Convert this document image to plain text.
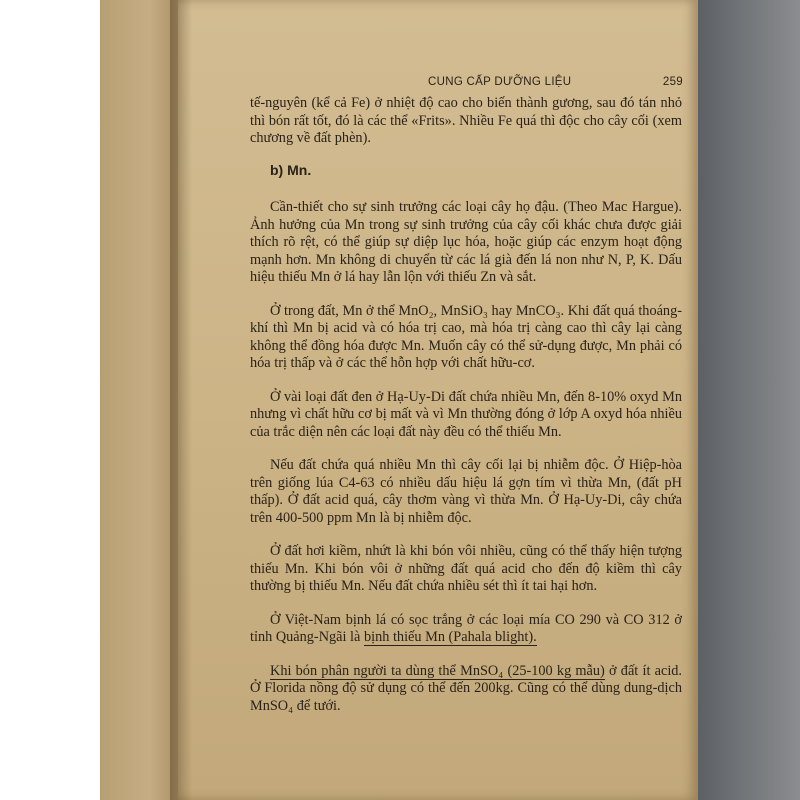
CUNG CẤP DƯỠNG LIỆU	259

tế-nguyên (kể cả Fe) ở nhiệt độ cao cho biến thành gương, sau đó tán nhỏ thì bón rất tốt, đó là các thể «Frits». Nhiều Fe quá thì độc cho cây cối (xem chương về đất phèn).

b) Mn.

Cần-thiết cho sự sinh trưởng các loại cây họ đậu. (Theo Mac Hargue). Ảnh hưởng của Mn trong sự sinh trưởng của cây cối khác chưa được giải thích rõ rệt, có thể giúp sự diệp lục hóa, hoặc giúp các enzym hoạt động mạnh hơn. Mn không di chuyển từ các lá già đến lá non như N, P, K. Dấu hiệu thiếu Mn ở lá hay lẫn lộn với thiếu Zn và sắt.

Ở trong đất, Mn ở thể MnO₂, MnSiO₃ hay MnCO₃. Khi đất quá thoáng-khí thì Mn bị acid và có hóa trị cao, mà hóa trị càng cao thì cây lại càng không thể đồng hóa được Mn. Muốn cây có thể sử-dụng được, Mn phải có hóa trị thấp và ở các thể hỗn hợp với chất hữu-cơ.

Ở vài loại đất đen ở Hạ-Uy-Di đất chứa nhiều Mn, đến 8-10% oxyd Mn nhưng vì chất hữu cơ bị mất và vì Mn thường đóng ở lớp A oxyd hóa nhiều của trắc diện nên các loại đất này đều có thể thiếu Mn.

Nếu đất chứa quá nhiều Mn thì cây cối lại bị nhiễm độc. Ở Hiệp-hòa trên giống lúa C4-63 có nhiều dấu hiệu lá gợn tím vì thừa Mn, (đất pH thấp). Ở đất acid quá, cây thơm vàng vì thừa Mn. Ở Hạ-Uy-Di, cây chứa trên 400-500 ppm Mn là bị nhiễm độc.

Ở đất hơi kiềm, nhứt là khi bón vôi nhiều, cũng có thể thấy hiện tượng thiếu Mn. Khi bón vôi ở những đất quá acid cho đến độ kiềm thì cây thường bị thiếu Mn. Nếu đất chứa nhiều sét thì ít tai hại hơn.

Ở Việt-Nam bịnh lá có sọc trắng ở các loại mía CO 290 và CO 312 ở tỉnh Quảng-Ngãi là bịnh thiếu Mn (Pahala blight).

Khi bón phân người ta dùng thể MnSO₄ (25-100 kg mẫu) ở đất ít acid. Ở Florida nồng độ sử dụng có thể đến 200kg. Cũng có thể dùng dung-dịch MnSO₄ để tưới.
